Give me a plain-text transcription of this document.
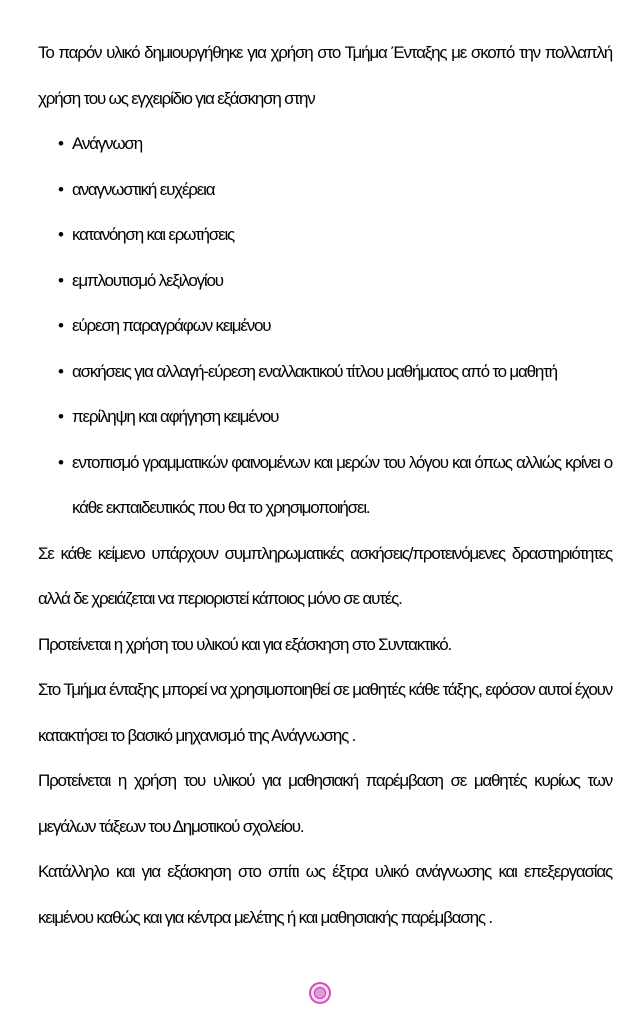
Το παρόν υλικό δημιουργήθηκε για χρήση στο Τμήμα Ένταξης με σκοπό την πολλαπλή χρήση του ως εγχειρίδιο για εξάσκηση στην

• Ανάγνωση
• αναγνωστική ευχέρεια
• κατανόηση και ερωτήσεις
• εμπλουτισμό λεξιλογίου
• εύρεση παραγράφων κειμένου
• ασκήσεις για αλλαγή-εύρεση εναλλακτικού τίτλου μαθήματος από το μαθητή
• περίληψη και αφήγηση κειμένου
• εντοπισμό γραμματικών φαινομένων και μερών του λόγου και όπως αλλιώς κρίνει ο κάθε εκπαιδευτικός που θα το χρησιμοποιήσει.

Σε κάθε κείμενο υπάρχουν συμπληρωματικές ασκήσεις/προτεινόμενες δραστηριότητες αλλά δε χρειάζεται να περιοριστεί κάποιος μόνο σε αυτές.

Προτείνεται η χρήση του υλικού και για εξάσκηση στο Συντακτικό.

Στο Τμήμα ένταξης μπορεί να χρησιμοποιηθεί σε μαθητές κάθε τάξης, εφόσον αυτοί έχουν κατακτήσει το βασικό μηχανισμό της Ανάγνωσης .

Προτείνεται η χρήση του υλικού για μαθησιακή παρέμβαση σε μαθητές κυρίως των μεγάλων τάξεων του Δημοτικού σχολείου.

Κατάλληλο και για εξάσκηση στο σπίτι ως έξτρα υλικό ανάγνωσης και επεξεργασίας κειμένου καθώς και για κέντρα μελέτης ή και μαθησιακής παρέμβασης .
